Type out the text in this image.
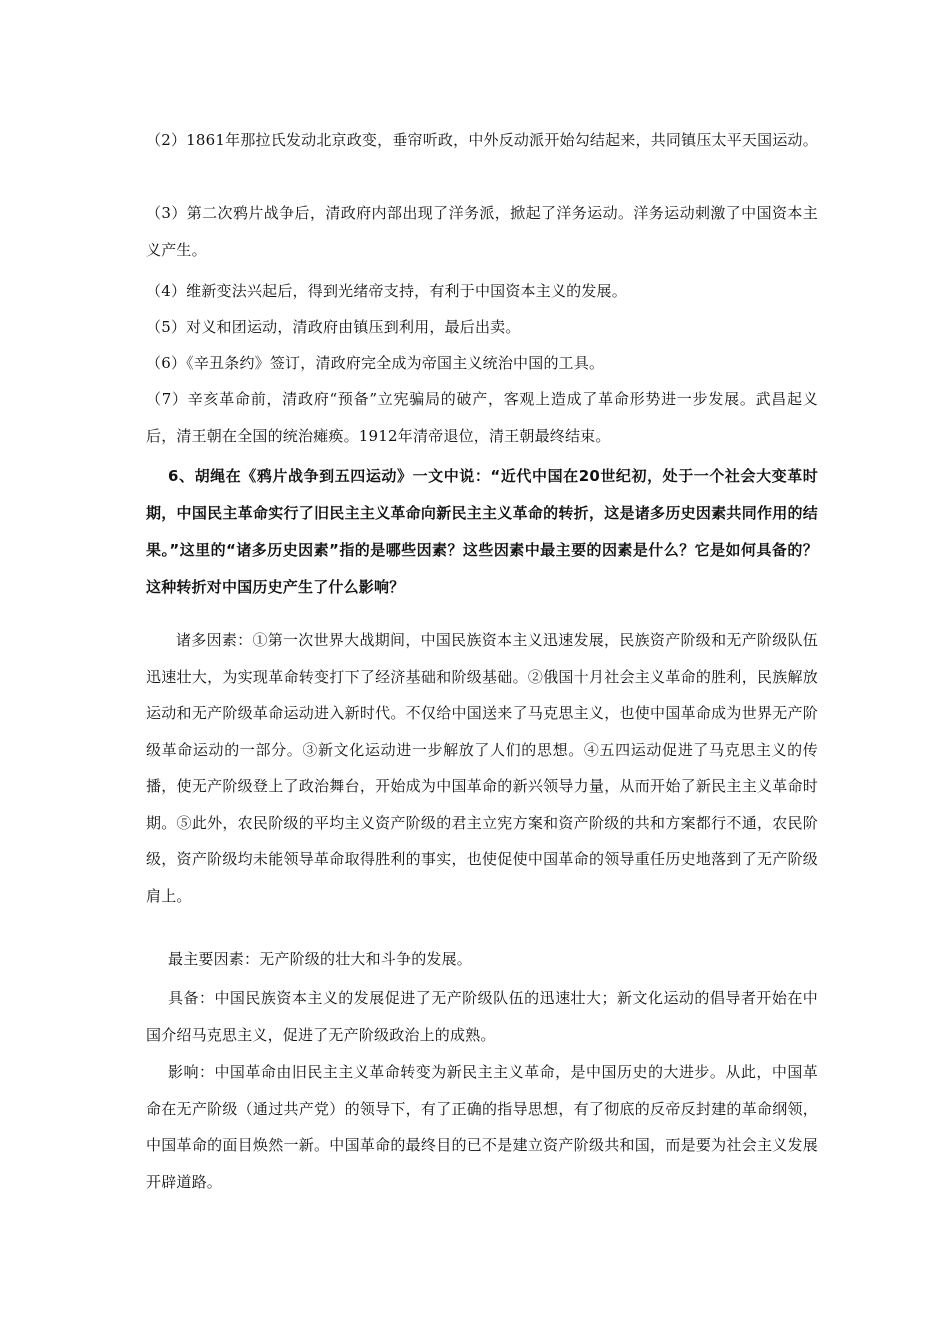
（2）1861年那拉氏发动北京政变，垂帘听政，中外反动派开始勾结起来，共同镇压太平天国运动。

（3）第二次鸦片战争后，清政府内部出现了洋务派，掀起了洋务运动。洋务运动刺激了中国资本主义产生。

（4）维新变法兴起后，得到光绪帝支持，有利于中国资本主义的发展。

（5）对义和团运动，清政府由镇压到利用，最后出卖。

（6）《辛丑条约》签订，清政府完全成为帝国主义统治中国的工具。

（7）辛亥革命前，清政府“预备”立宪骗局的破产，客观上造成了革命形势进一步发展。武昌起义后，清王朝在全国的统治瘫痪。1912年清帝退位，清王朝最终结束。

6、胡绳在《鸦片战争到五四运动》一文中说：“近代中国在20世纪初，处于一个社会大变革时期，中国民主革命实行了旧民主主义革命向新民主主义革命的转折，这是诸多历史因素共同作用的结果。”这里的“诸多历史因素”指的是哪些因素？这些因素中最主要的因素是什么？它是如何具备的？这种转折对中国历史产生了什么影响？

诸多因素：①第一次世界大战期间，中国民族资本主义迅速发展，民族资产阶级和无产阶级队伍迅速壮大，为实现革命转变打下了经济基础和阶级基础。②俄国十月社会主义革命的胜利，民族解放运动和无产阶级革命运动进入新时代。不仅给中国送来了马克思主义，也使中国革命成为世界无产阶级革命运动的一部分。③新文化运动进一步解放了人们的思想。④五四运动促进了马克思主义的传播，使无产阶级登上了政治舞台，开始成为中国革命的新兴领导力量，从而开始了新民主主义革命时期。⑤此外，农民阶级的平均主义资产阶级的君主立宪方案和资产阶级的共和方案都行不通，农民阶级，资产阶级均未能领导革命取得胜利的事实，也使促使中国革命的领导重任历史地落到了无产阶级肩上。

最主要因素：无产阶级的壮大和斗争的发展。

具备：中国民族资本主义的发展促进了无产阶级队伍的迅速壮大；新文化运动的倡导者开始在中国介绍马克思主义，促进了无产阶级政治上的成熟。

影响：中国革命由旧民主主义革命转变为新民主主义革命，是中国历史的大进步。从此，中国革命在无产阶级（通过共产党）的领导下，有了正确的指导思想，有了彻底的反帝反封建的革命纲领，中国革命的面目焕然一新。中国革命的最终目的已不是建立资产阶级共和国，而是要为社会主义发展开辟道路。
